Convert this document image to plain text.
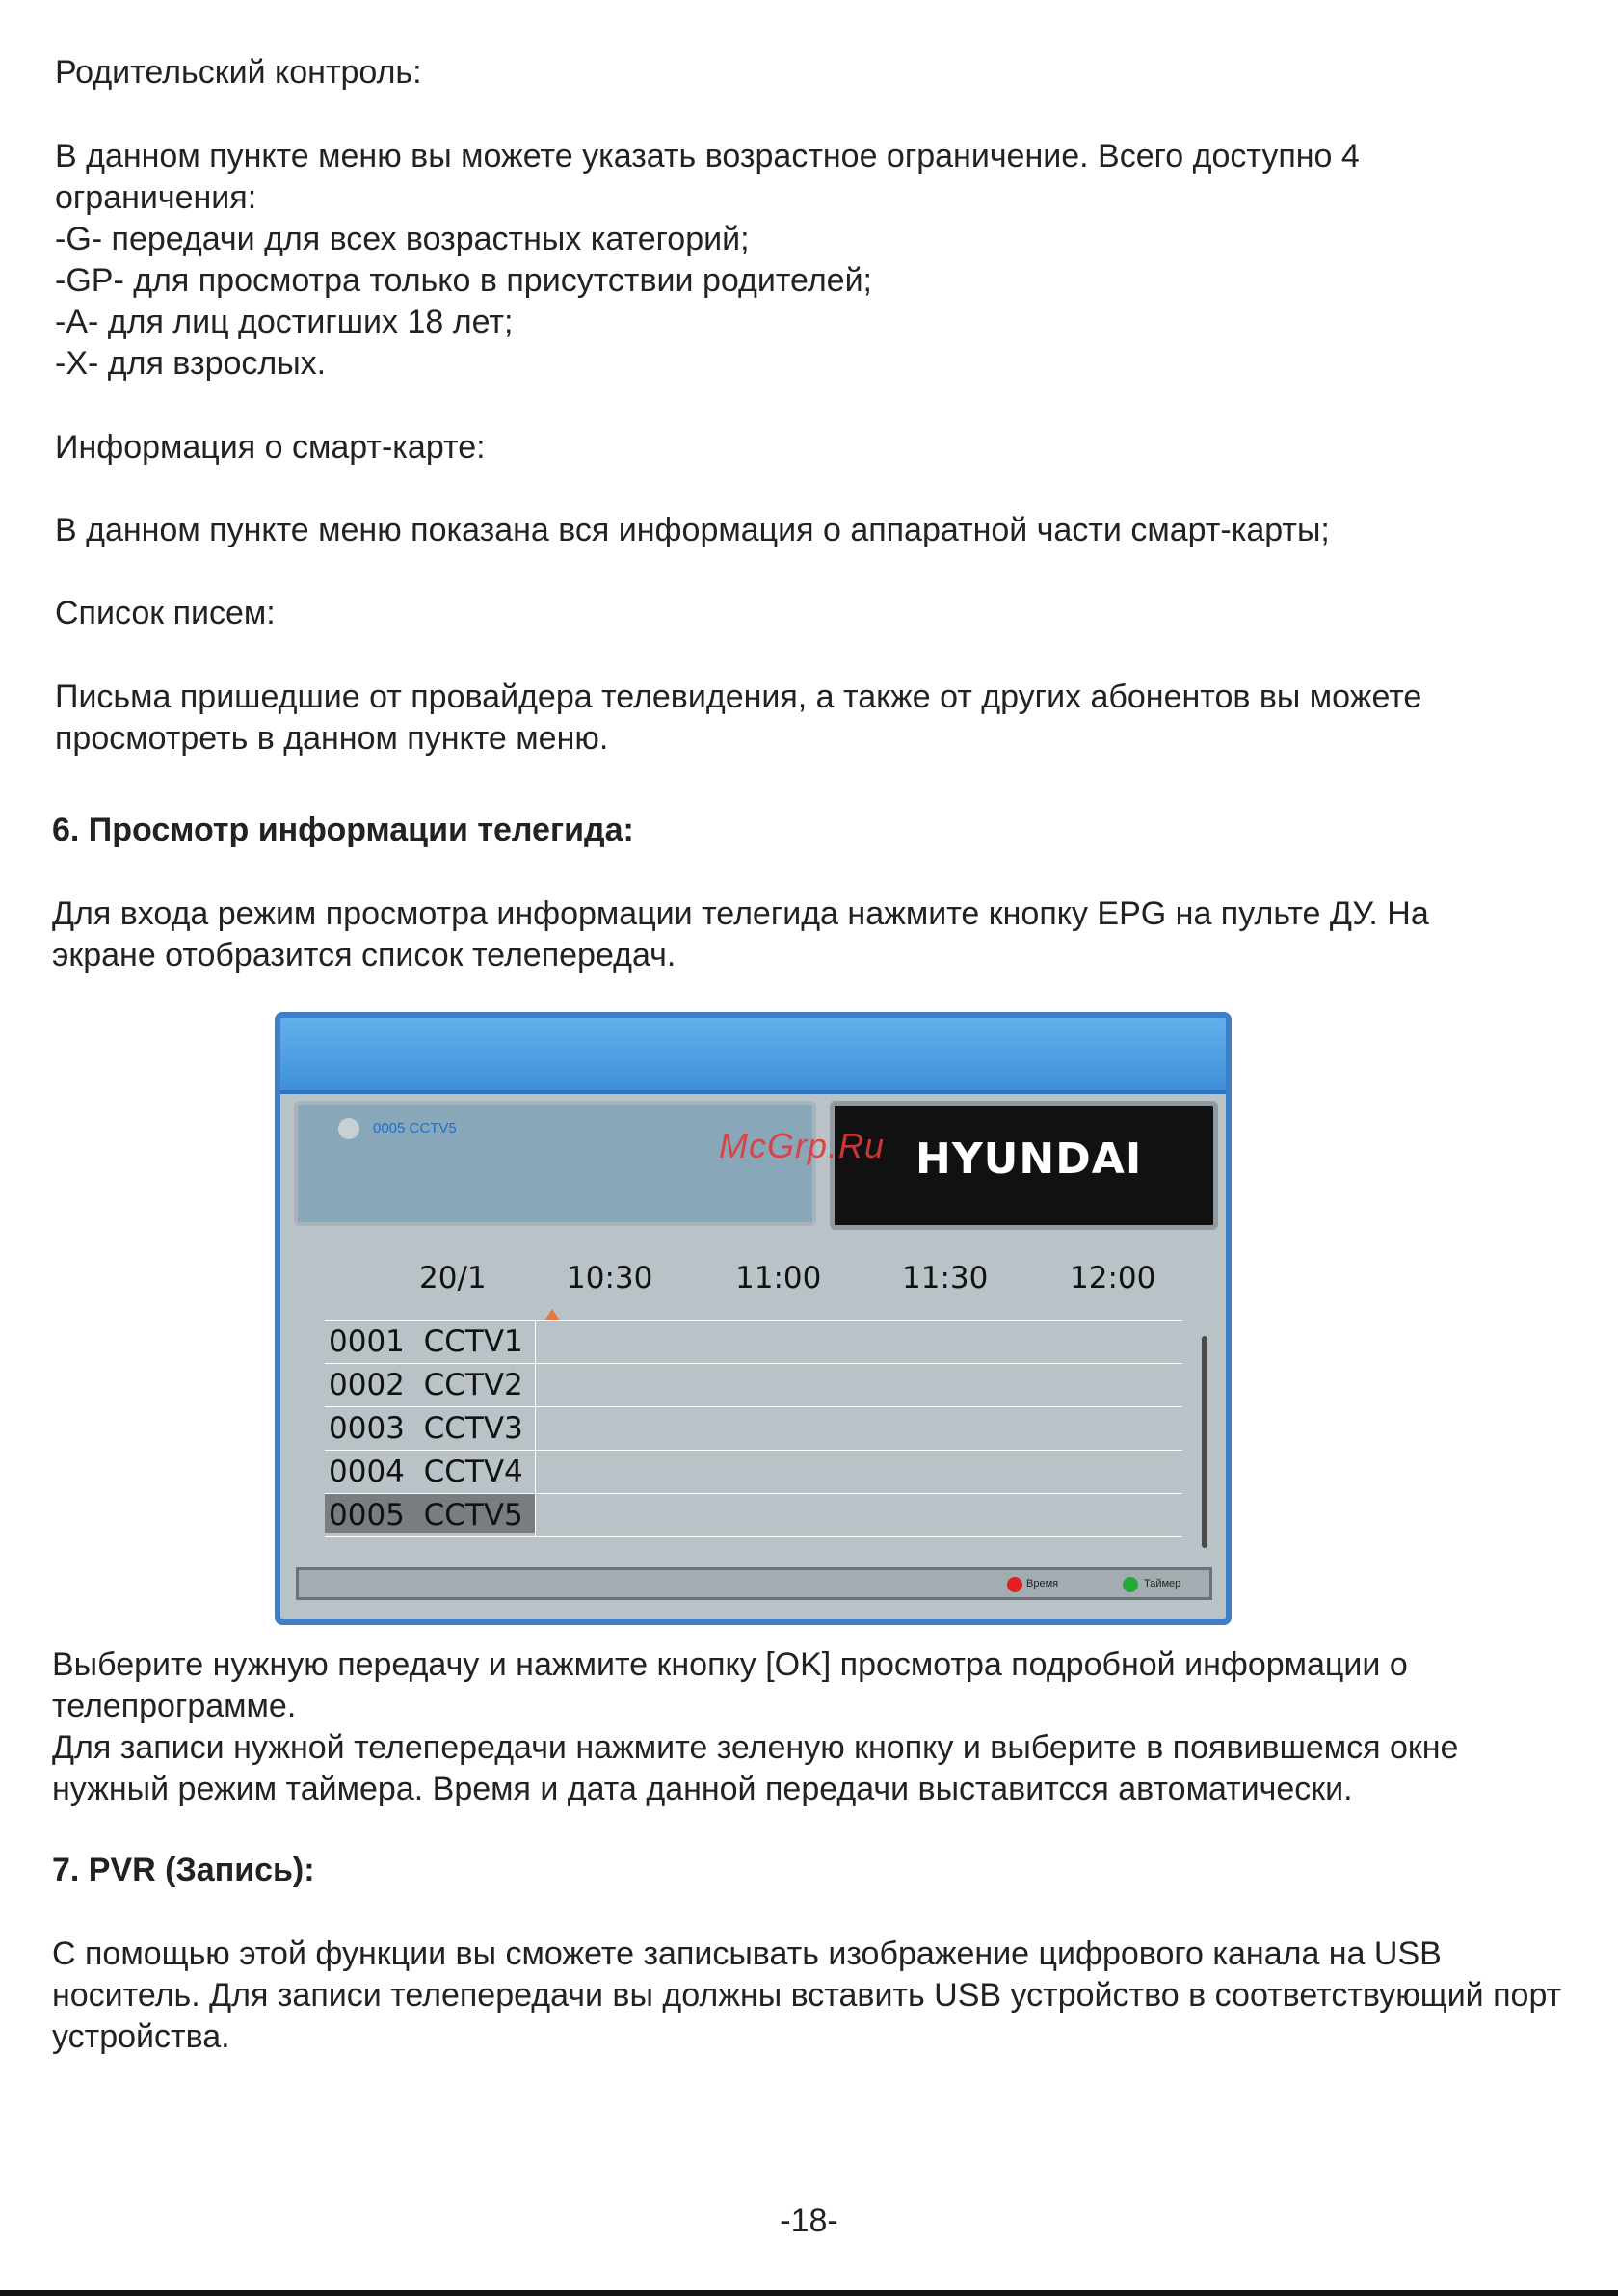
Родительский контроль:

В данном пункте меню вы можете указать возрастное ограничение. Всего доступно 4 ограничения:

-G- передачи для всех возрастных категорий;

-GP- для просмотра только в присутствии родителей;

-A- для лиц достигших 18 лет;

-X- для взрослых.

Информация о смарт-карте:

В данном пункте меню показана вся информация о аппаратной части смарт-карты;

Список писем:

Письма пришедшие от провайдера телевидения, а также от других абонентов вы можете просмотреть в данном пункте меню.

6. Просмотр информации телегида:

Для входа режим просмотра информации телегида нажмите кнопку EPG на пульте ДУ. На экране отобразится список телепередач.

0005 CCTV5
HYUNDAI
McGrp.Ru
20/1	10:30	11:00	11:30	12:00
0001  CCTV1
0002  CCTV2
0003  CCTV3
0004  CCTV4
0005  CCTV5
Время	Таймер

Выберите нужную передачу и нажмите кнопку [OK] просмотра подробной информации о телепрограмме.

Для записи нужной телепередачи нажмите зеленую кнопку и выберите в появившемся окне нужный режим таймера. Время и дата данной передачи выставитсся автоматически.

7. PVR (Запись):

С помощью этой функции вы сможете записывать изображение цифрового канала на USB носитель. Для записи телепередачи вы должны вставить USB устройство в соответствующий порт устройства.

-18-
